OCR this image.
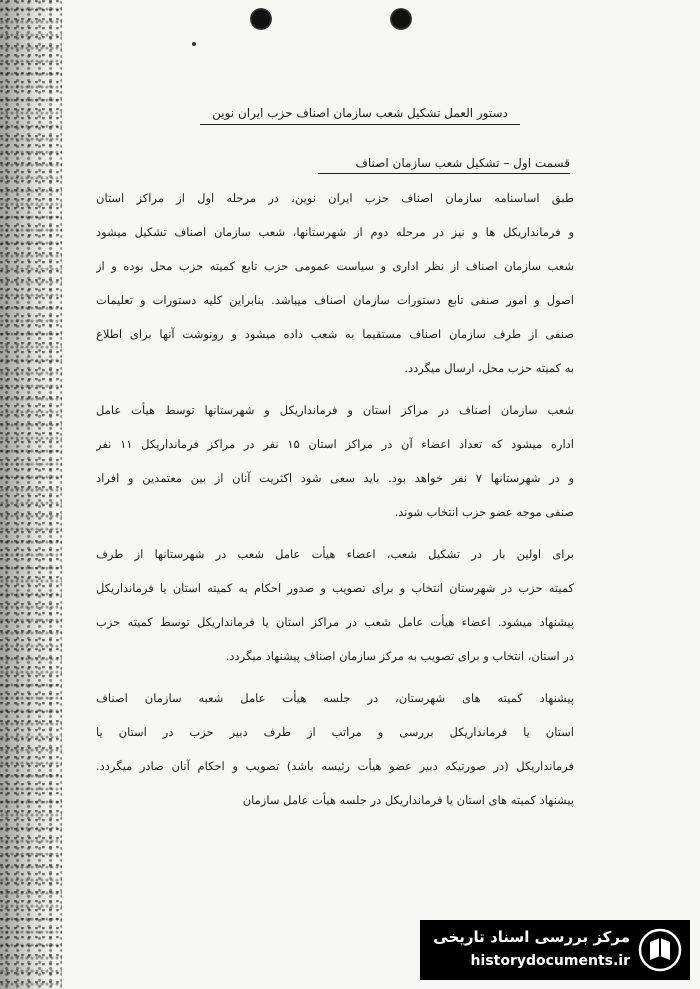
دستور العمل تشکیل شعب سازمان اصناف حزب ایران نوین
قسمت اول – تشکیل شعب سازمان اصناف
طبق اساسنامه سازمان اصناف حزب ایران نوین، در مرحله اول از مراکز استان
و فرمانداریکل ها و نیز در مرحله دوم از شهرستانها، شعب سازمان اصناف تشکیل میشود
شعب سازمان اصناف از نظر اداری و سیاست عمومی حزب تابع کمیته حزب محل بوده و از
اصول و امور صنفی تابع دستورات سازمان اصناف میباشد. بنابراین کلیه دستورات و تعلیمات
صنفی از طرف سازمان اصناف مستقیما به شعب داده میشود و رونوشت آنها برای اطلاع
به کمیته حزب محل، ارسال میگردد.
شعب سازمان اصناف در مراکز استان و فرمانداریکل و شهرستانها توسط هیأت عامل
اداره میشود که تعداد اعضاء آن در مراکز استان ۱۵ نفر در مراکز فرمانداریکل ۱۱ نفر
و در شهرستانها ۷ نفر خواهد بود. باید سعی شود اکثریت آنان از بین معتمدین و افراد
صنفی موجه عضو حزب انتخاب شوند.
برای اولین بار در تشکیل شعب، اعضاء هیأت عامل شعب در شهرستانها از طرف
کمیته حزب در شهرستان انتخاب و برای تصویب و صدور احکام به کمیته استان یا فرمانداریکل
پیشنهاد میشود. اعضاء هیأت عامل شعب در مراکز استان یا فرمانداریکل توسط کمیته حزب
در استان، انتخاب و برای تصویب به مرکز سازمان اصناف پیشنهاد میگردد.
پیشنهاد کمیته های شهرستان، در جلسه هیأت عامل شعبه سازمان اصناف
استان یا فرمانداریکل بررسی و مراتب از طرف دبیر حزب در استان یا
فرمانداریکل (در صورتیکه دبیر عضو هیأت رئیسه باشد) تصویب و احکام آنان صادر میگردد.
پیشنهاد کمیته های استان یا فرمانداریکل در جلسه هیأت عامل سازمان
مرکز بررسی اسناد تاریخی
historydocuments.ir
